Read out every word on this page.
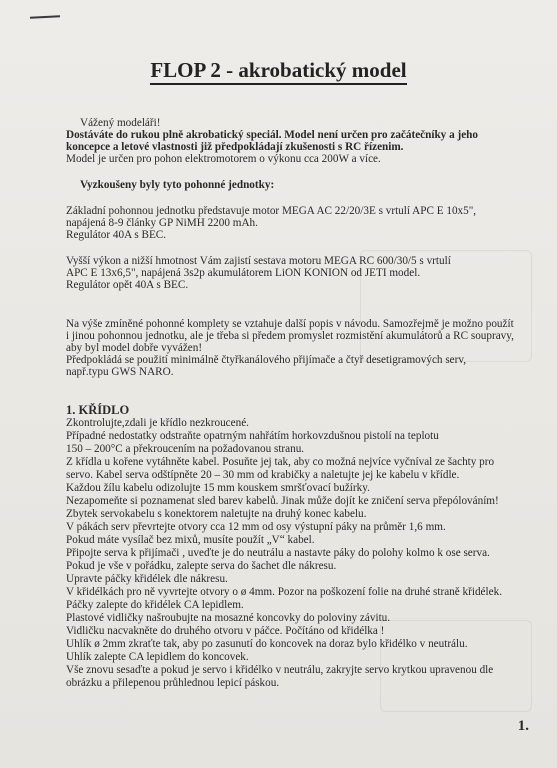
FLOP 2 - akrobatický model
Vážený modeláři!
Dostáváte do rukou plně akrobatický speciál. Model není určen pro začátečníky a jeho
koncepce a letové vlastnosti již předpokládají zkušenosti s RC řízenim.
Model je určen pro pohon elektromotorem o výkonu cca 200W a více.
Vyzkoušeny byly tyto pohonné jednotky:
Základní pohonnou jednotku představuje motor MEGA AC 22/20/3E s vrtulí APC E 10x5",
napájená 8-9 články GP NiMH 2200 mAh.
Regulátor 40A s BEC.
Vyšší výkon a nižší hmotnost Vám zajistí sestava motoru MEGA RC 600/30/5 s vrtulí
APC E 13x6,5", napájená 3s2p akumulátorem LiON KONION od JETI model.
Regulátor opět 40A s BEC.
Na výše zmíněné pohonné komplety se vztahuje další popis v návodu. Samozřejmě je možno použít
i jinou pohonnou jednotku, ale je třeba si předem promyslet rozmistění akumulátorů a RC soupravy,
aby byl model dobře vyvážen!
Předpokládá se použití minimálně čtyřkanálového přijímače a čtyř desetigramových serv,
např.typu GWS NARO.
1. KŘÍDLO
Zkontrolujte,zdali je křídlo nezkroucené.
Případné nedostatky odstraňte opatrným nahřátím horkovzdušnou pistolí na teplotu
150 – 200°C a překroucením na požadovanou stranu.
Z křídla u kořene vytáhněte kabel. Posuňte jej tak, aby co možná nejvíce vyčníval ze šachty pro
servo. Kabel serva odštípněte 20 – 30 mm od krabičky a naletujte jej ke kabelu v křídle.
Každou žílu kabelu odizolujte 15 mm kouskem smršťovací bužírky.
Nezapomeňte si poznamenat sled barev kabelů. Jinak může dojít ke zničení serva přepólováním!
Zbytek servokabelu s konektorem naletujte na druhý konec kabelu.
V pákách serv převrtejte otvory cca 12 mm od osy výstupní páky na průměr 1,6 mm.
Pokud máte vysílač bez mixů, musíte použít „V“ kabel.
Připojte serva k přijímači , uveďte je do neutrálu a nastavte páky do polohy kolmo k ose serva.
Pokud je vše v pořádku, zalepte serva do šachet dle nákresu.
Upravte páčky křidélek dle nákresu.
V křidélkách pro ně vyvrtejte otvory o ø 4mm. Pozor na poškození folie na druhé straně křidélek.
Páčky zalepte do křidélek CA lepidlem.
Plastové vidličky našroubujte na mosazné koncovky do poloviny závitu.
Vidličku nacvakněte do druhého otvoru v páčce. Počítáno od křidélka !
Uhlík ø 2mm zkraťte tak, aby po zasunutí do koncovek na doraz bylo křidélko v neutrálu.
Uhlík zalepte CA lepidlem do koncovek.
Vše znovu sesaďte a pokud je servo i křidélko v neutrálu, zakryjte servo krytkou upravenou dle
obrázku a přilepenou průhlednou lepicí páskou.
1.
